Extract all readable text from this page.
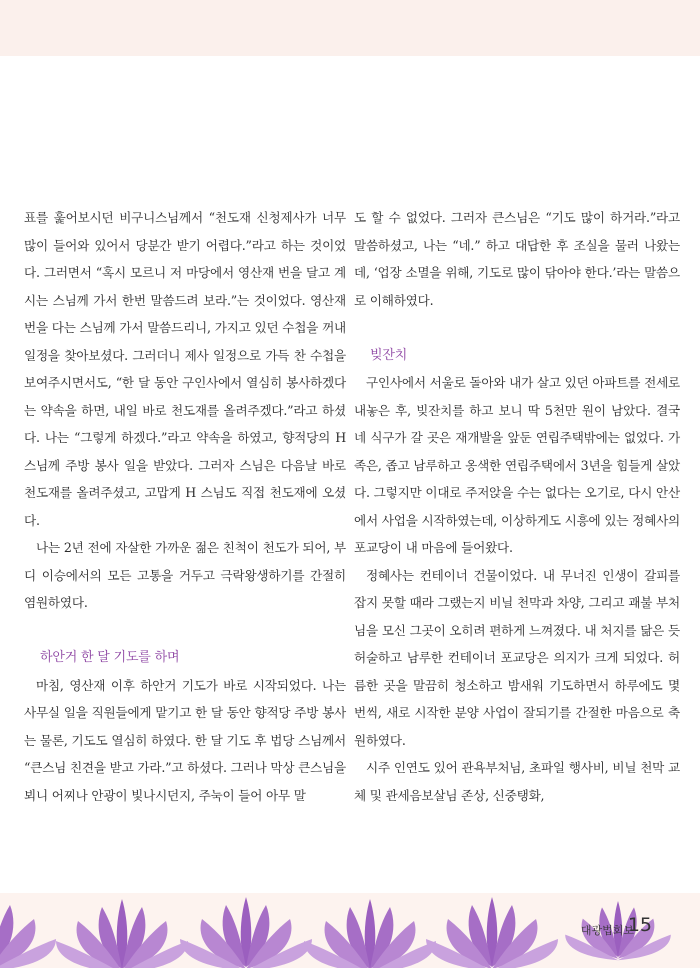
표를 훑어보시던 비구니스님께서 “천도재 신청제사가 너무 많이 들어와 있어서 당분간 받기 어렵다.”라고 하는 것이었다. 그러면서 “혹시 모르니 저 마당에서 영산재 번을 달고 계시는 스님께 가서 한번 말씀드려 보라.”는 것이었다. 영산재 번을 다는 스님께 가서 말씀드리니, 가지고 있던 수첩을 꺼내 일정을 찾아보셨다. 그러더니 제사 일정으로 가득 찬 수첩을 보여주시면서도, “한 달 동안 구인사에서 열심히 봉사하겠다는 약속을 하면, 내일 바로 천도재를 올려주겠다.”라고 하셨다. 나는 “그렇게 하겠다.”라고 약속을 하였고, 향적당의 H 스님께 주방 봉사 일을 받았다. 그러자 스님은 다음날 바로 천도재를 올려주셨고, 고맙게 H 스님도 직접 천도재에 오셨다.

나는 2년 전에 자살한 가까운 젊은 친척이 천도가 되어, 부디 이승에서의 모든 고통을 거두고 극락왕생하기를 간절히 염원하였다.

하안거 한 달 기도를 하며

마침, 영산재 이후 하안거 기도가 바로 시작되었다. 나는 사무실 일을 직원들에게 맡기고 한 달 동안 향적당 주방 봉사는 물론, 기도도 열심히 하였다. 한 달 기도 후 법당 스님께서 “큰스님 친견을 받고 가라.”고 하셨다. 그러나 막상 큰스님을 뵈니 어찌나 안광이 빛나시던지, 주눅이 들어 아무 말

도 할 수 없었다. 그러자 큰스님은 “기도 많이 하거라.”라고 말씀하셨고, 나는 “네.” 하고 대답한 후 조실을 물러 나왔는데, ‘업장 소멸을 위해, 기도로 많이 닦아야 한다.’라는 말씀으로 이해하였다.

빚잔치

구인사에서 서울로 돌아와 내가 살고 있던 아파트를 전세로 내놓은 후, 빚잔치를 하고 보니 딱 5천만 원이 남았다. 결국 네 식구가 갈 곳은 재개발을 앞둔 연립주택밖에는 없었다. 가족은, 좁고 남루하고 옹색한 연립주택에서 3년을 힘들게 살았다. 그렇지만 이대로 주저앉을 수는 없다는 오기로, 다시 안산에서 사업을 시작하였는데, 이상하게도 시흥에 있는 정혜사의 포교당이 내 마음에 들어왔다.

정혜사는 컨테이너 건물이었다. 내 무너진 인생이 갈피를 잡지 못할 때라 그랬는지 비닐 천막과 차양, 그리고 괘불 부처님을 모신 그곳이 오히려 편하게 느껴졌다. 내 처지를 닮은 듯 허술하고 남루한 컨테이너 포교당은 의지가 크게 되었다. 허름한 곳을 말끔히 청소하고 밤새워 기도하면서 하루에도 몇 번씩, 새로 시작한 분양 사업이 잘되기를 간절한 마음으로 축원하였다.

시주 인연도 있어 관욕부처님, 초파일 행사비, 비닐 천막 교체 및 관세음보살님 존상, 신중탱화,

대광법회보
15
